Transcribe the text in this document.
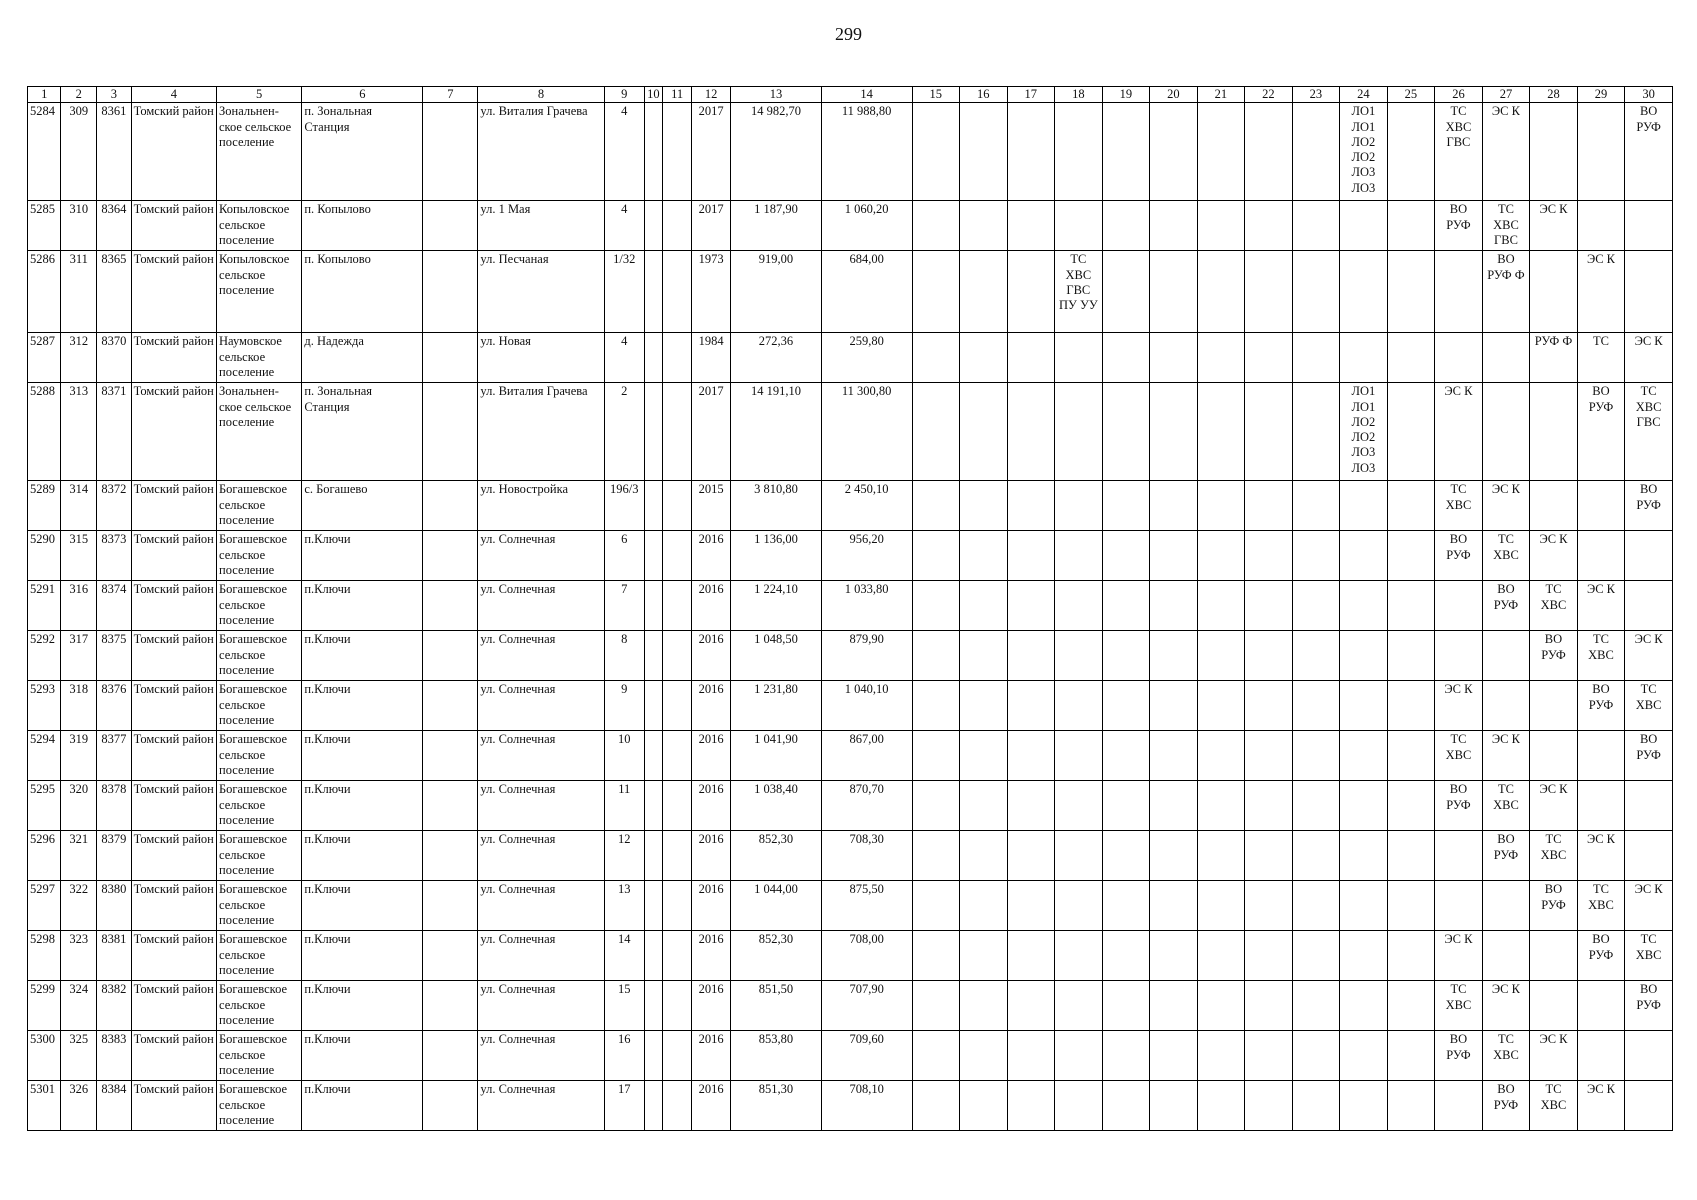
299
1	2	3	4	5	6	7	8	9	10	11	12	13	14	15	16	17	18	19	20	21	22	23	24	25	26	27	28	29	30
5284	309	8361	Томский район	Зональнен-ское сельское поселение	п. Зональная Станция		ул. Виталия Грачева	4			2017	14 982,70	11 988,80										ЛО1 ЛО1 ЛО2 ЛО2 ЛО3 ЛО3		ТС ХВС ГВС	ЭС К			ВО РУФ
5285	310	8364	Томский район	Копыловское сельское поселение	п. Копылово		ул. 1 Мая	4			2017	1 187,90	1 060,20												ВО РУФ	ТС ХВС ГВС	ЭС К		
5286	311	8365	Томский район	Копыловское сельское поселение	п. Копылово		ул. Песчаная	1/32			1973	919,00	684,00				ТС ХВС ГВС ПУ УУ									ВО РУФ Ф		ЭС К	
5287	312	8370	Томский район	Наумовское сельское поселение	д. Надежда		ул. Новая	4			1984	272,36	259,80														РУФ Ф	ТС	ЭС К
5288	313	8371	Томский район	Зональнен-ское сельское поселение	п. Зональная Станция		ул. Виталия Грачева	2			2017	14 191,10	11 300,80										ЛО1 ЛО1 ЛО2 ЛО2 ЛО3 ЛО3		ЭС К			ВО РУФ	ТС ХВС ГВС
5289	314	8372	Томский район	Богашевское сельское поселение	с. Богашево		ул. Новостройка	196/3			2015	3 810,80	2 450,10												ТС ХВС	ЭС К			ВО РУФ
5290	315	8373	Томский район	Богашевское сельское поселение	п.Ключи		ул. Солнечная	6			2016	1 136,00	956,20												ВО РУФ	ТС ХВС	ЭС К		
5291	316	8374	Томский район	Богашевское сельское поселение	п.Ключи		ул. Солнечная	7			2016	1 224,10	1 033,80													ВО РУФ	ТС ХВС	ЭС К	
5292	317	8375	Томский район	Богашевское сельское поселение	п.Ключи		ул. Солнечная	8			2016	1 048,50	879,90														ВО РУФ	ТС ХВС	ЭС К
5293	318	8376	Томский район	Богашевское сельское поселение	п.Ключи		ул. Солнечная	9			2016	1 231,80	1 040,10												ЭС К			ВО РУФ	ТС ХВС
5294	319	8377	Томский район	Богашевское сельское поселение	п.Ключи		ул. Солнечная	10			2016	1 041,90	867,00												ТС ХВС	ЭС К			ВО РУФ
5295	320	8378	Томский район	Богашевское сельское поселение	п.Ключи		ул. Солнечная	11			2016	1 038,40	870,70												ВО РУФ	ТС ХВС	ЭС К		
5296	321	8379	Томский район	Богашевское сельское поселение	п.Ключи		ул. Солнечная	12			2016	852,30	708,30													ВО РУФ	ТС ХВС	ЭС К	
5297	322	8380	Томский район	Богашевское сельское поселение	п.Ключи		ул. Солнечная	13			2016	1 044,00	875,50														ВО РУФ	ТС ХВС	ЭС К
5298	323	8381	Томский район	Богашевское сельское поселение	п.Ключи		ул. Солнечная	14			2016	852,30	708,00												ЭС К			ВО РУФ	ТС ХВС
5299	324	8382	Томский район	Богашевское сельское поселение	п.Ключи		ул. Солнечная	15			2016	851,50	707,90												ТС ХВС	ЭС К			ВО РУФ
5300	325	8383	Томский район	Богашевское сельское поселение	п.Ключи		ул. Солнечная	16			2016	853,80	709,60												ВО РУФ	ТС ХВС	ЭС К		
5301	326	8384	Томский район	Богашевское сельское поселение	п.Ключи		ул. Солнечная	17			2016	851,30	708,10													ВО РУФ	ТС ХВС	ЭС К	
